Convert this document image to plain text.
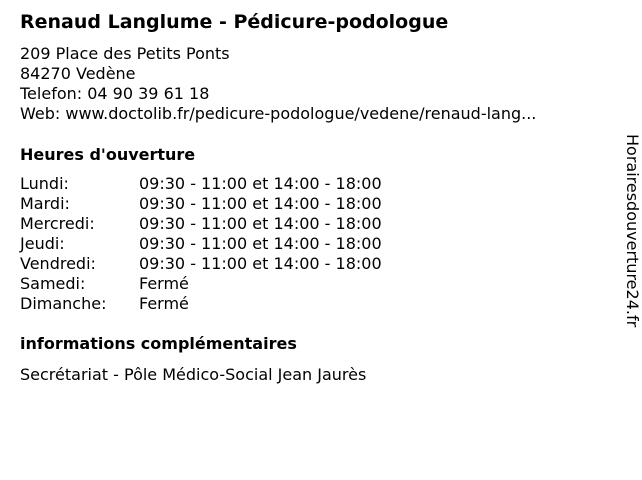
Renaud Langlume - Pédicure-podologue
209 Place des Petits Ponts
84270 Vedène
Telefon: 04 90 39 61 18
Web: www.doctolib.fr/pedicure-podologue/vedene/renaud-lang...
Heures d'ouverture
Lundi:	09:30 - 11:00 et 14:00 - 18:00
Mardi:	09:30 - 11:00 et 14:00 - 18:00
Mercredi:	09:30 - 11:00 et 14:00 - 18:00
Jeudi:	09:30 - 11:00 et 14:00 - 18:00
Vendredi:	09:30 - 11:00 et 14:00 - 18:00
Samedi:	Fermé
Dimanche:	Fermé
informations complémentaires
Secrétariat - Pôle Médico-Social Jean Jaurès
Horairesdouverture24.fr
